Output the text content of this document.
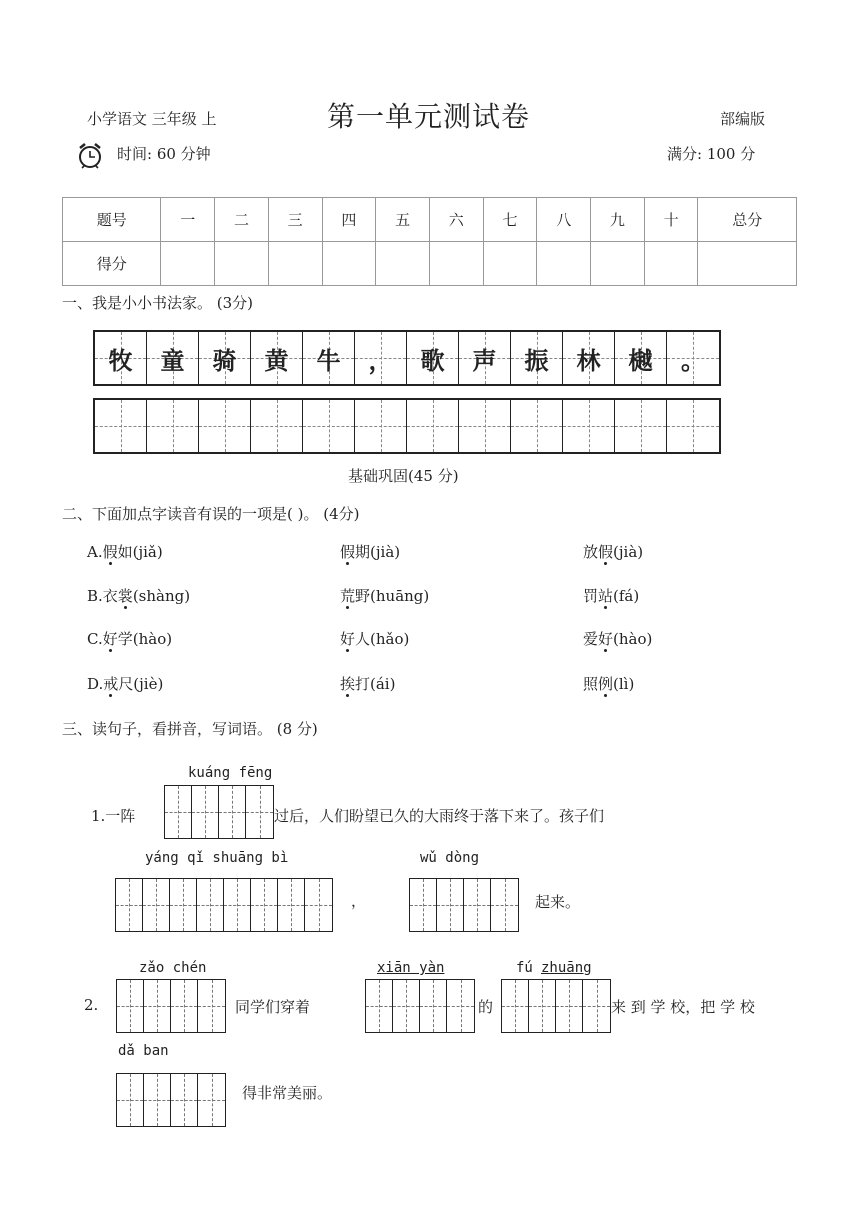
小学语文 三年级 上	第一单元测试卷	部编版
时间: 60 分钟	满分: 100 分
题号	一	二	三	四	五	六	七	八	九	十	总分
得分											
一、我是小小书法家。 (3分)
牧 童 骑 黄 牛 ， 歌 声 振 林 樾 。
基础巩固(45 分)
二、下面加点字读音有误的一项是( )。 (4分)
A.假如(jiǎ)	假期(jià)	放假(jià)
B.衣裳(shàng)	荒野(huāng)	罚站(fá)
C.好学(hào)	好人(hǎo)	爱好(hào)
D.戒尺(jiè)	挨打(ái)	照例(lì)
三、读句子，看拼音，写词语。 (8 分)
kuáng fēng
1.一阵	过后，人们盼望已久的大雨终于落下来了。孩子们
yáng qǐ shuāng bì
，
wǔ dòng
起来。
2.
zǎo chén
同学们穿着
xiān yàn
的
fú zhuāng
来 到 学 校，把 学 校
dǎ ban
得非常美丽。
